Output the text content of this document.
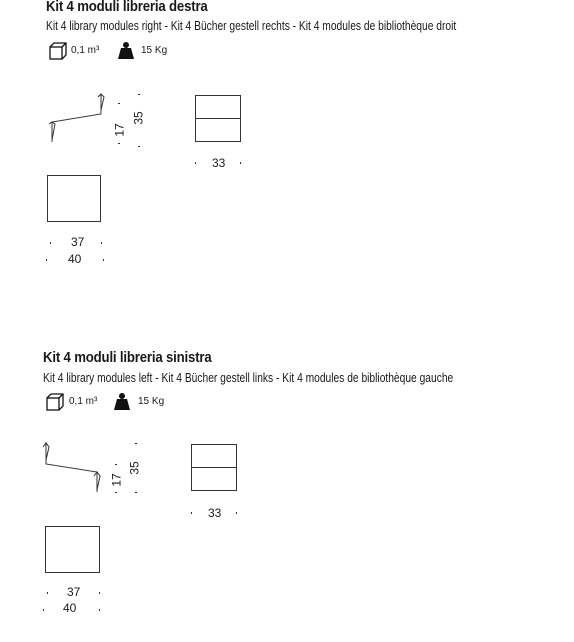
Kit 4 moduli libreria destra
Kit 4 library modules right - Kit 4 Bücher gestell rechts - Kit 4 modules de bibliothèque droit
0,1 m³	15 Kg
17
35
33
37
40
Kit 4 moduli libreria sinistra
Kit 4 library modules left - Kit 4 Bücher gestell links - Kit 4 modules de bibliothèque gauche
0,1 m³	15 Kg
17
35
33
37
40
